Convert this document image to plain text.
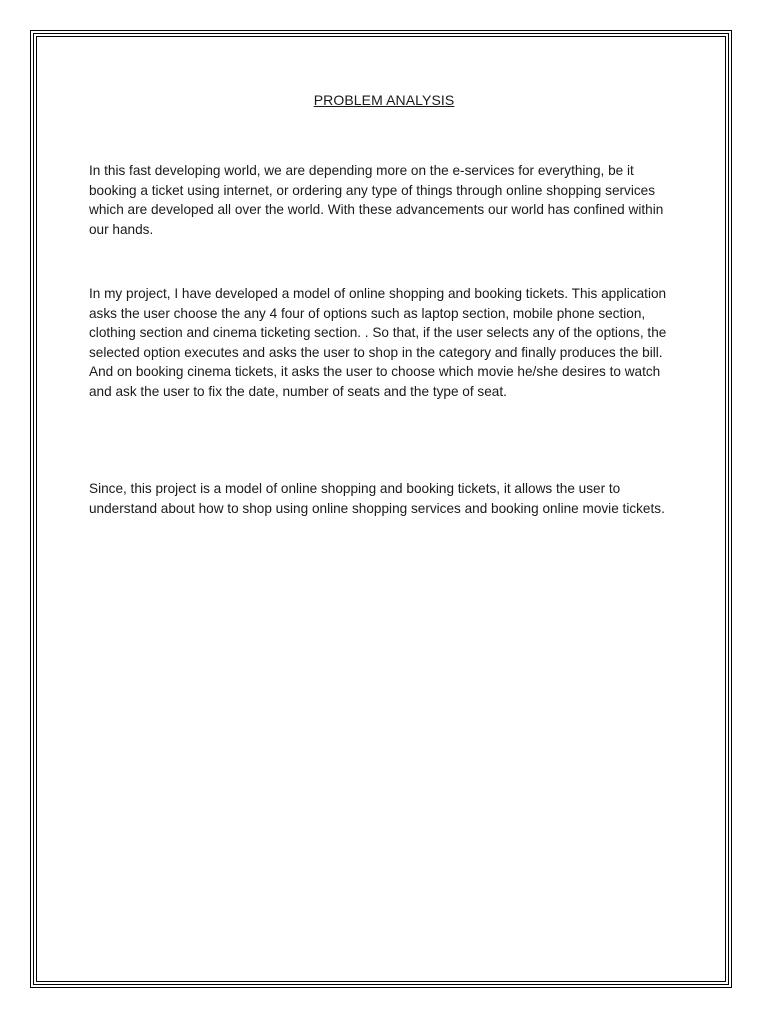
PROBLEM ANALYSIS

In this fast developing world, we are depending more on the e-services for everything, be it booking a ticket using internet, or ordering any type of things through online shopping services which are developed all over the world. With these advancements our world has confined within our hands.

In my project, I have developed a model of online shopping and booking tickets. This application asks the user choose the any 4 four of options such as laptop section, mobile phone section, clothing section and cinema ticketing section. . So that, if the user selects any of the options, the selected option executes and asks the user to shop in the category and finally produces the bill. And on booking cinema tickets, it asks the user to choose which movie he/she desires to watch and ask the user to fix the date, number of seats and the type of seat.

Since, this project is a model of online shopping and booking tickets, it allows the user to understand about how to shop using online shopping services and booking online movie tickets.
